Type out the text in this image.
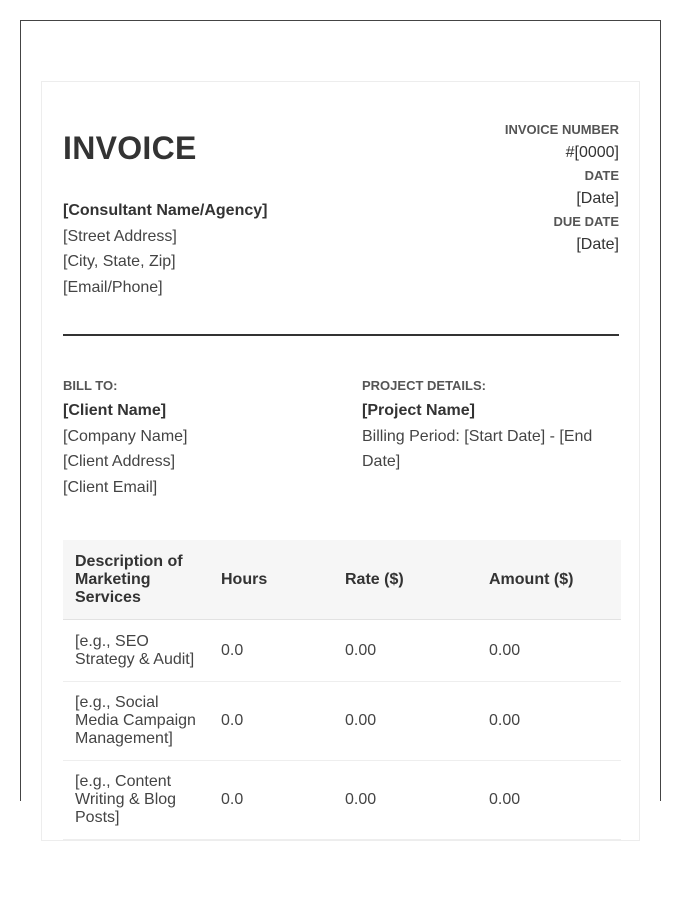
INVOICE
[Consultant Name/Agency]
[Street Address]
[City, State, Zip]
[Email/Phone]
INVOICE NUMBER
#[0000]
DATE
[Date]
DUE DATE
[Date]
BILL TO:
[Client Name]
[Company Name]
[Client Address]
[Client Email]
PROJECT DETAILS:
[Project Name]
Billing Period: [Start Date] - [End Date]
Description of Marketing Services	Hours	Rate ($)	Amount ($)
[e.g., SEO Strategy & Audit]	0.0	0.00	0.00
[e.g., Social Media Campaign Management]	0.0	0.00	0.00
[e.g., Content Writing & Blog Posts]	0.0	0.00	0.00
